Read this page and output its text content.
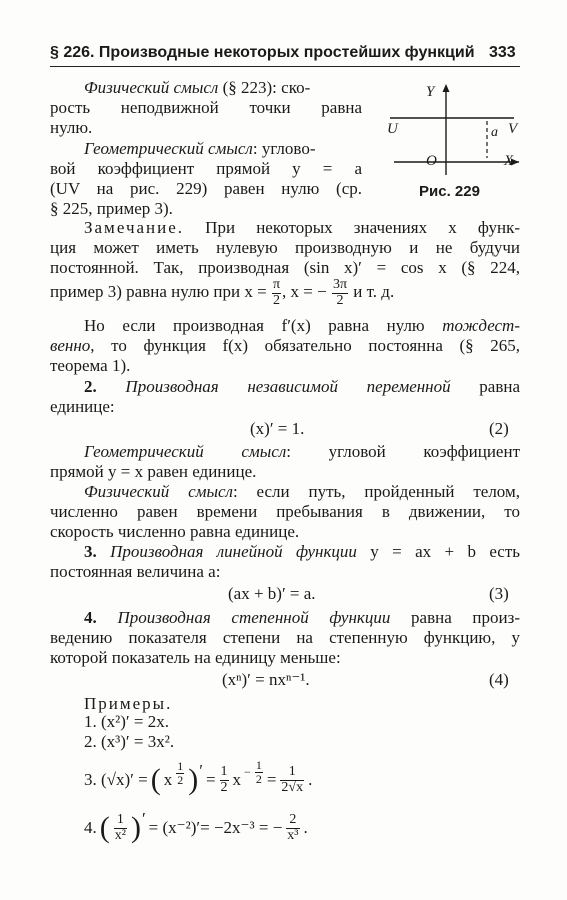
§ 226. Производные некоторых простейших функций 333
Y
X
O
U	V
a
Рис. 229
Физический смысл (§ 223): ско-
рость неподвижной точки равна
нулю.
Геометрический смысл: углово-
вой коэффициент прямой y = a
(UV на рис. 229) равен нулю (ср.
§ 225, пример 3).
Замечание. При некоторых значениях x функ-
ция может иметь нулевую производную и не будучи
постоянной. Так, производная (sin x)′ = cos x (§ 224,
пример 3) равна нулю при $x = \frac{\pi}{2}$ , x = − $\frac{3\pi}{2}$ и т. д.
Но если производная f′(x) равна нулю тождест-
венно, то функция f(x) обязательно постоянна (§ 265,
теорема 1).
2. Производная независимой переменной равна
единице:
(x)′ = 1.	(2)
Геометрический смысл: угловой коэффициент
прямой y = x равен единице.
Физический смысл: если путь, пройденный телом,
численно равен времени пребывания в движении, то
скорость численно равна единице.
3. Производная линейной функции y = ax + b есть
постоянная величина a:
(ax + b)′ = a.	(3)
4. Производная степенной функции равна произ-
ведению показателя степени на степенную функцию, у
которой показатель на единицу меньше:
(xⁿ)′ = nxⁿ⁻¹.	(4)
Примеры.
1. (x²)′ = 2x.
2. (x³)′ = 3x².
3. (√x)′ = ( x $\frac{1}{2}$ ) ′ = $\frac{1}{2}$ $x - \frac{1}{2} = \frac{1}{2√x}$ .
4. ( $\frac{1}{\text{x²}}$ ) ′ = (x⁻²)′= −2x⁻³ = − $\frac{2}{\text{x³}}$ .
